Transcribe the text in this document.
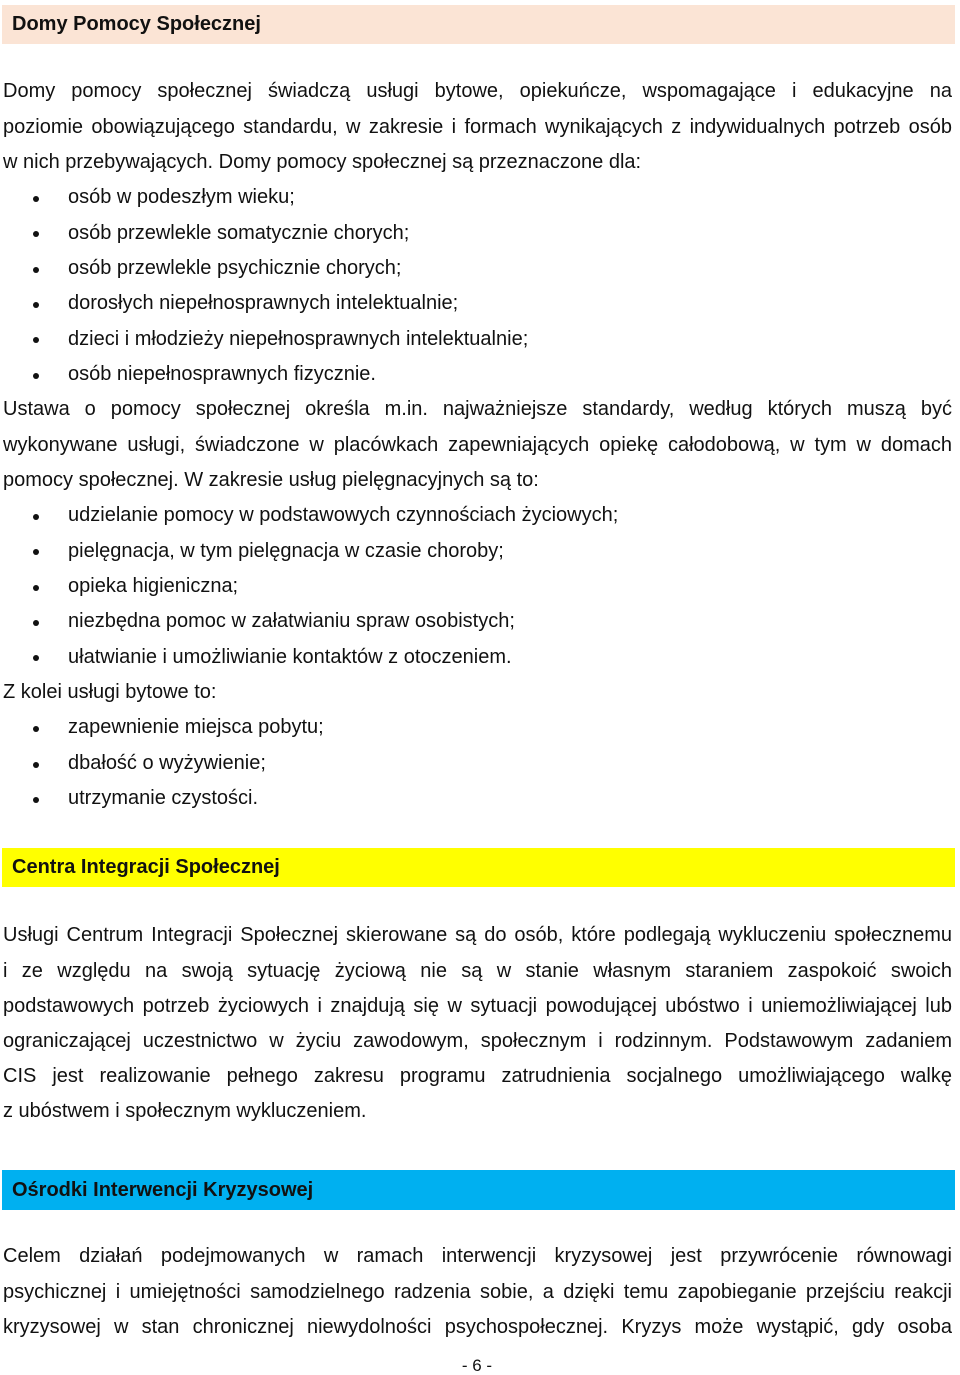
Domy Pomocy Społecznej
Domy pomocy społecznej świadczą usługi bytowe, opiekuńcze, wspomagające i edukacyjne na
poziomie obowiązującego standardu, w zakresie i formach wynikających z indywidualnych potrzeb osób
w nich przebywających. Domy pomocy społecznej są przeznaczone dla:
osób w podeszłym wieku;
osób przewlekle somatycznie chorych;
osób przewlekle psychicznie chorych;
dorosłych niepełnosprawnych intelektualnie;
dzieci i młodzieży niepełnosprawnych intelektualnie;
osób niepełnosprawnych fizycznie.
Ustawa o pomocy społecznej określa m.in. najważniejsze standardy, według których muszą być
wykonywane usługi, świadczone w placówkach zapewniających opiekę całodobową, w tym w domach
pomocy społecznej. W zakresie usług pielęgnacyjnych są to:
udzielanie pomocy w podstawowych czynnościach życiowych;
pielęgnacja, w tym pielęgnacja w czasie choroby;
opieka higieniczna;
niezbędna pomoc w załatwianiu spraw osobistych;
ułatwianie i umożliwianie kontaktów z otoczeniem.
Z kolei usługi bytowe to:
zapewnienie miejsca pobytu;
dbałość o wyżywienie;
utrzymanie czystości.
Centra Integracji Społecznej
Usługi Centrum Integracji Społecznej skierowane są do osób, które podlegają wykluczeniu społecznemu
i ze względu na swoją sytuację życiową nie są w stanie własnym staraniem zaspokoić swoich
podstawowych potrzeb życiowych i znajdują się w sytuacji powodującej ubóstwo i uniemożliwiającej lub
ograniczającej uczestnictwo w życiu zawodowym, społecznym i rodzinnym. Podstawowym zadaniem
CIS jest realizowanie pełnego zakresu programu zatrudnienia socjalnego umożliwiającego walkę
z ubóstwem i społecznym wykluczeniem.
Ośrodki Interwencji Kryzysowej
Celem działań podejmowanych w ramach interwencji kryzysowej jest przywrócenie równowagi
psychicznej i umiejętności samodzielnego radzenia sobie, a dzięki temu zapobieganie przejściu reakcji
kryzysowej w stan chronicznej niewydolności psychospołecznej. Kryzys może wystąpić, gdy osoba
- 6 -
